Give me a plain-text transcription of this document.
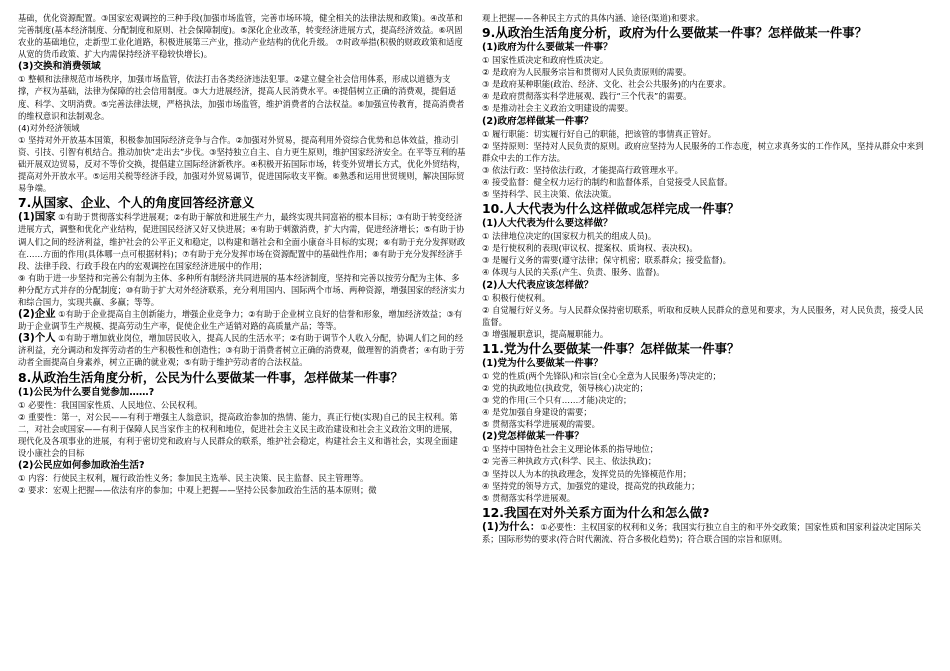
基础，优化资源配置。③国家宏观调控的三种手段(加强市场监管，完善市场环境，健全相关的法律法规和政策)。④改革和完善制度(基本经济制度、分配制度和原则、社会保障制度)。⑤深化企业改革，转变经济进展方式，提高经济效益。⑥巩固农业的基础地位，走新型工业化道路，积极进展第三产业，推动产业结构的优化升级。 ⑦时政举措(积极的财政政策和适度从宽的货币政策、扩大内需保持经济平稳较快增长)。

(3)交换和消费领域

① 整顿和法律规范市场秩序，加强市场监管，依法打击各类经济违法犯罪。②建立健全社会信用体系，形成以道德为支撑，产权为基础，法律为保障的社会信用制度。③大力进展经济，提高人民消费水平。④提倡树立正确的消费观，提倡适度、科学、文明消费。⑤完善法律法规，严格执法，加强市场监管，维护消费者的合法权益。⑥加强宣传教育，提高消费者的维权意识和法制观念。

(4)对外经济领域

① 坚持对外开放基本国策，积极参加国际经济竞争与合作。②加强对外贸易，提高利用外资综合优势和总体效益，推动引资、引技、引智有机结合。推动加快“走出去”步伐。③坚持独立自主、自力更生原则，维护国家经济安全。在平等互利的基础开展双边贸易，反对不等价交换，提倡建立国际经济新秩序。④积极开拓国际市场，转变外贸增长方式，优化外贸结构，提高对外开放水平。⑤运用关税等经济手段，加强对外贸易调节，促进国际收支平衡。⑥熟悉和运用世贸规则，解决国际贸易争端。

7.从国家、企业、个人的角度回答经济意义

(1)国家 ①有助于贯彻落实科学进展观；②有助于解放和进展生产力，最终实现共同富裕的根本目标；③有助于转变经济进展方式，调整和优化产业结构，促进国民经济又好又快进展；④有助于刺激消费，扩大内需，促进经济增长；⑤有助于协调人们之间的经济利益，维护社会的公平正义和稳定，以构建和谐社会和全面小康奋斗目标的实现；⑥有助于充分发挥财政在……方面的作用(具体哪一点可根据材料)；⑦有助于充分发挥市场在资源配置中的基础性作用；⑧有助于充分发挥经济手段、法律手段、行政手段在内的宏观调控在国家经济进展中的作用；

⑨ 有助于进一步坚持和完善公有制为主体、多种所有制经济共同进展的基本经济制度，坚持和完善以按劳分配为主体、多种分配方式并存的分配制度；⑩有助于扩大对外经济联系，充分利用国内、国际两个市场、两种资源，增强国家的经济实力和综合国力，实现共赢、多赢；等等。

(2)企业 ①有助于企业提高自主创新能力，增强企业竞争力；②有助于企业树立良好的信誉和形象，增加经济效益；③有助于企业调节生产规模、提高劳动生产率，促使企业生产适销对路的高质量产品；等等。

(3)个人 ①有助于增加就业岗位，增加居民收入，提高人民的生活水平；②有助于调节个人收入分配，协调人们之间的经济利益，充分调动和发挥劳动者的生产积极性和创造性；③有助于消费者树立正确的消费观，做理智的消费者；④有助于劳动者全面提高自身素养，树立正确的就业观；⑤有助于维护劳动者的合法权益。

8.从政治生活角度分析，公民为什么要做某一件事，怎样做某一件事？

(1)公民为什么要自觉参加……?

① 必要性：我国国家性质、人民地位、公民权利。

② 重要性：第一，对公民——有利于增强主人翁意识，提高政治参加的热情、能力，真正行使(实现)自己的民主权利。第二，对社会或国家——有利于保障人民当家作主的权利和地位，促进社会主义民主政治建设和社会主义政治文明的进展，现代化及各项事业的进展，有利于密切党和政府与人民群众的联系，维护社会稳定，构建社会主义和谐社会，实现全面建设小康社会的目标

(2)公民应如何参加政治生活?

① 内容：行使民主权利，履行政治性义务；参加民主选举、民主决策、民主监督、民主管理等。

② 要求：宏观上把握——依法有序的参加；中观上把握——坚持公民参加政治生活的基本原则；微

观上把握——各种民主方式的具体内涵、途径(渠道)和要求。

9.从政治生活角度分析，政府为什么要做某一件事？怎样做某一件事？

(1)政府为什么要做某一件事？

① 国家性质决定和政府性质决定。

② 是政府为人民服务宗旨和贯彻对人民负责原则的需要。

③ 是政府某种职能(政治、经济、文化、社会公共服务)的内在要求。

④ 是政府贯彻落实科学进展观、践行“三个代表”的需要。

⑤ 是推动社会主义政治文明建设的需要。

(2)政府怎样做某一件事？

① 履行职能：切实履行好自己的职能，把该管的事情真正管好。

② 坚持原则：坚持对人民负责的原则。政府应坚持为人民服务的工作态度，树立求真务实的工作作风，坚持从群众中来到群众中去的工作方法。

③ 依法行政：坚持依法行政，才能提高行政管理水平。

④ 接受监督：健全权力运行的制约和监督体系，自觉接受人民监督。

⑤ 坚持科学、民主决策、依法决策。

10.人大代表为什么这样做或怎样完成一件事？

(1)人大代表为什么要这样做？

① 法律地位决定的(国家权力机关的组成人员)。

② 是行使权利的表现(审议权、提案权、质询权、表决权)。

③ 是履行义务的需要(遵守法律；保守机密；联系群众；接受监督)。

④ 体现与人民的关系(产生、负责、服务、监督)。

(2)人大代表应该怎样做？

① 积极行使权利。

② 自觉履行好义务。与人民群众保持密切联系，听取和反映人民群众的意见和要求，为人民服务，对人民负责，接受人民监督。

③ 增强履职意识，提高履职能力。

11.党为什么要做某一件事？怎样做某一件事？

(1)党为什么要做某一件事？

① 党的性质(两个先锋队)和宗旨(全心全意为人民服务)等决定的；

② 党的执政地位(执政党，领导核心)决定的；

③ 党的作用(三个只有……才能)决定的；

④ 是党加强自身建设的需要；

⑤ 贯彻落实科学进展观的需要。

(2)党怎样做某一件事？

① 坚持中国特色社会主义理论体系的指导地位；

② 完善三种执政方式(科学、民主、依法执政)；

③ 坚持以人为本的执政理念，发挥党员的先锋模范作用；

④ 坚持党的领导方式，加强党的建设，提高党的执政能力；

⑤ 贯彻落实科学进展观。

12.我国在对外关系方面为什么和怎么做?

(1)为什么：①必要性：主权国家的权利和义务；我国实行独立自主的和平外交政策；国家性质和国家利益决定国际关系；国际形势的要求(符合时代潮流、符合多极化趋势)；符合联合国的宗旨和原则。
